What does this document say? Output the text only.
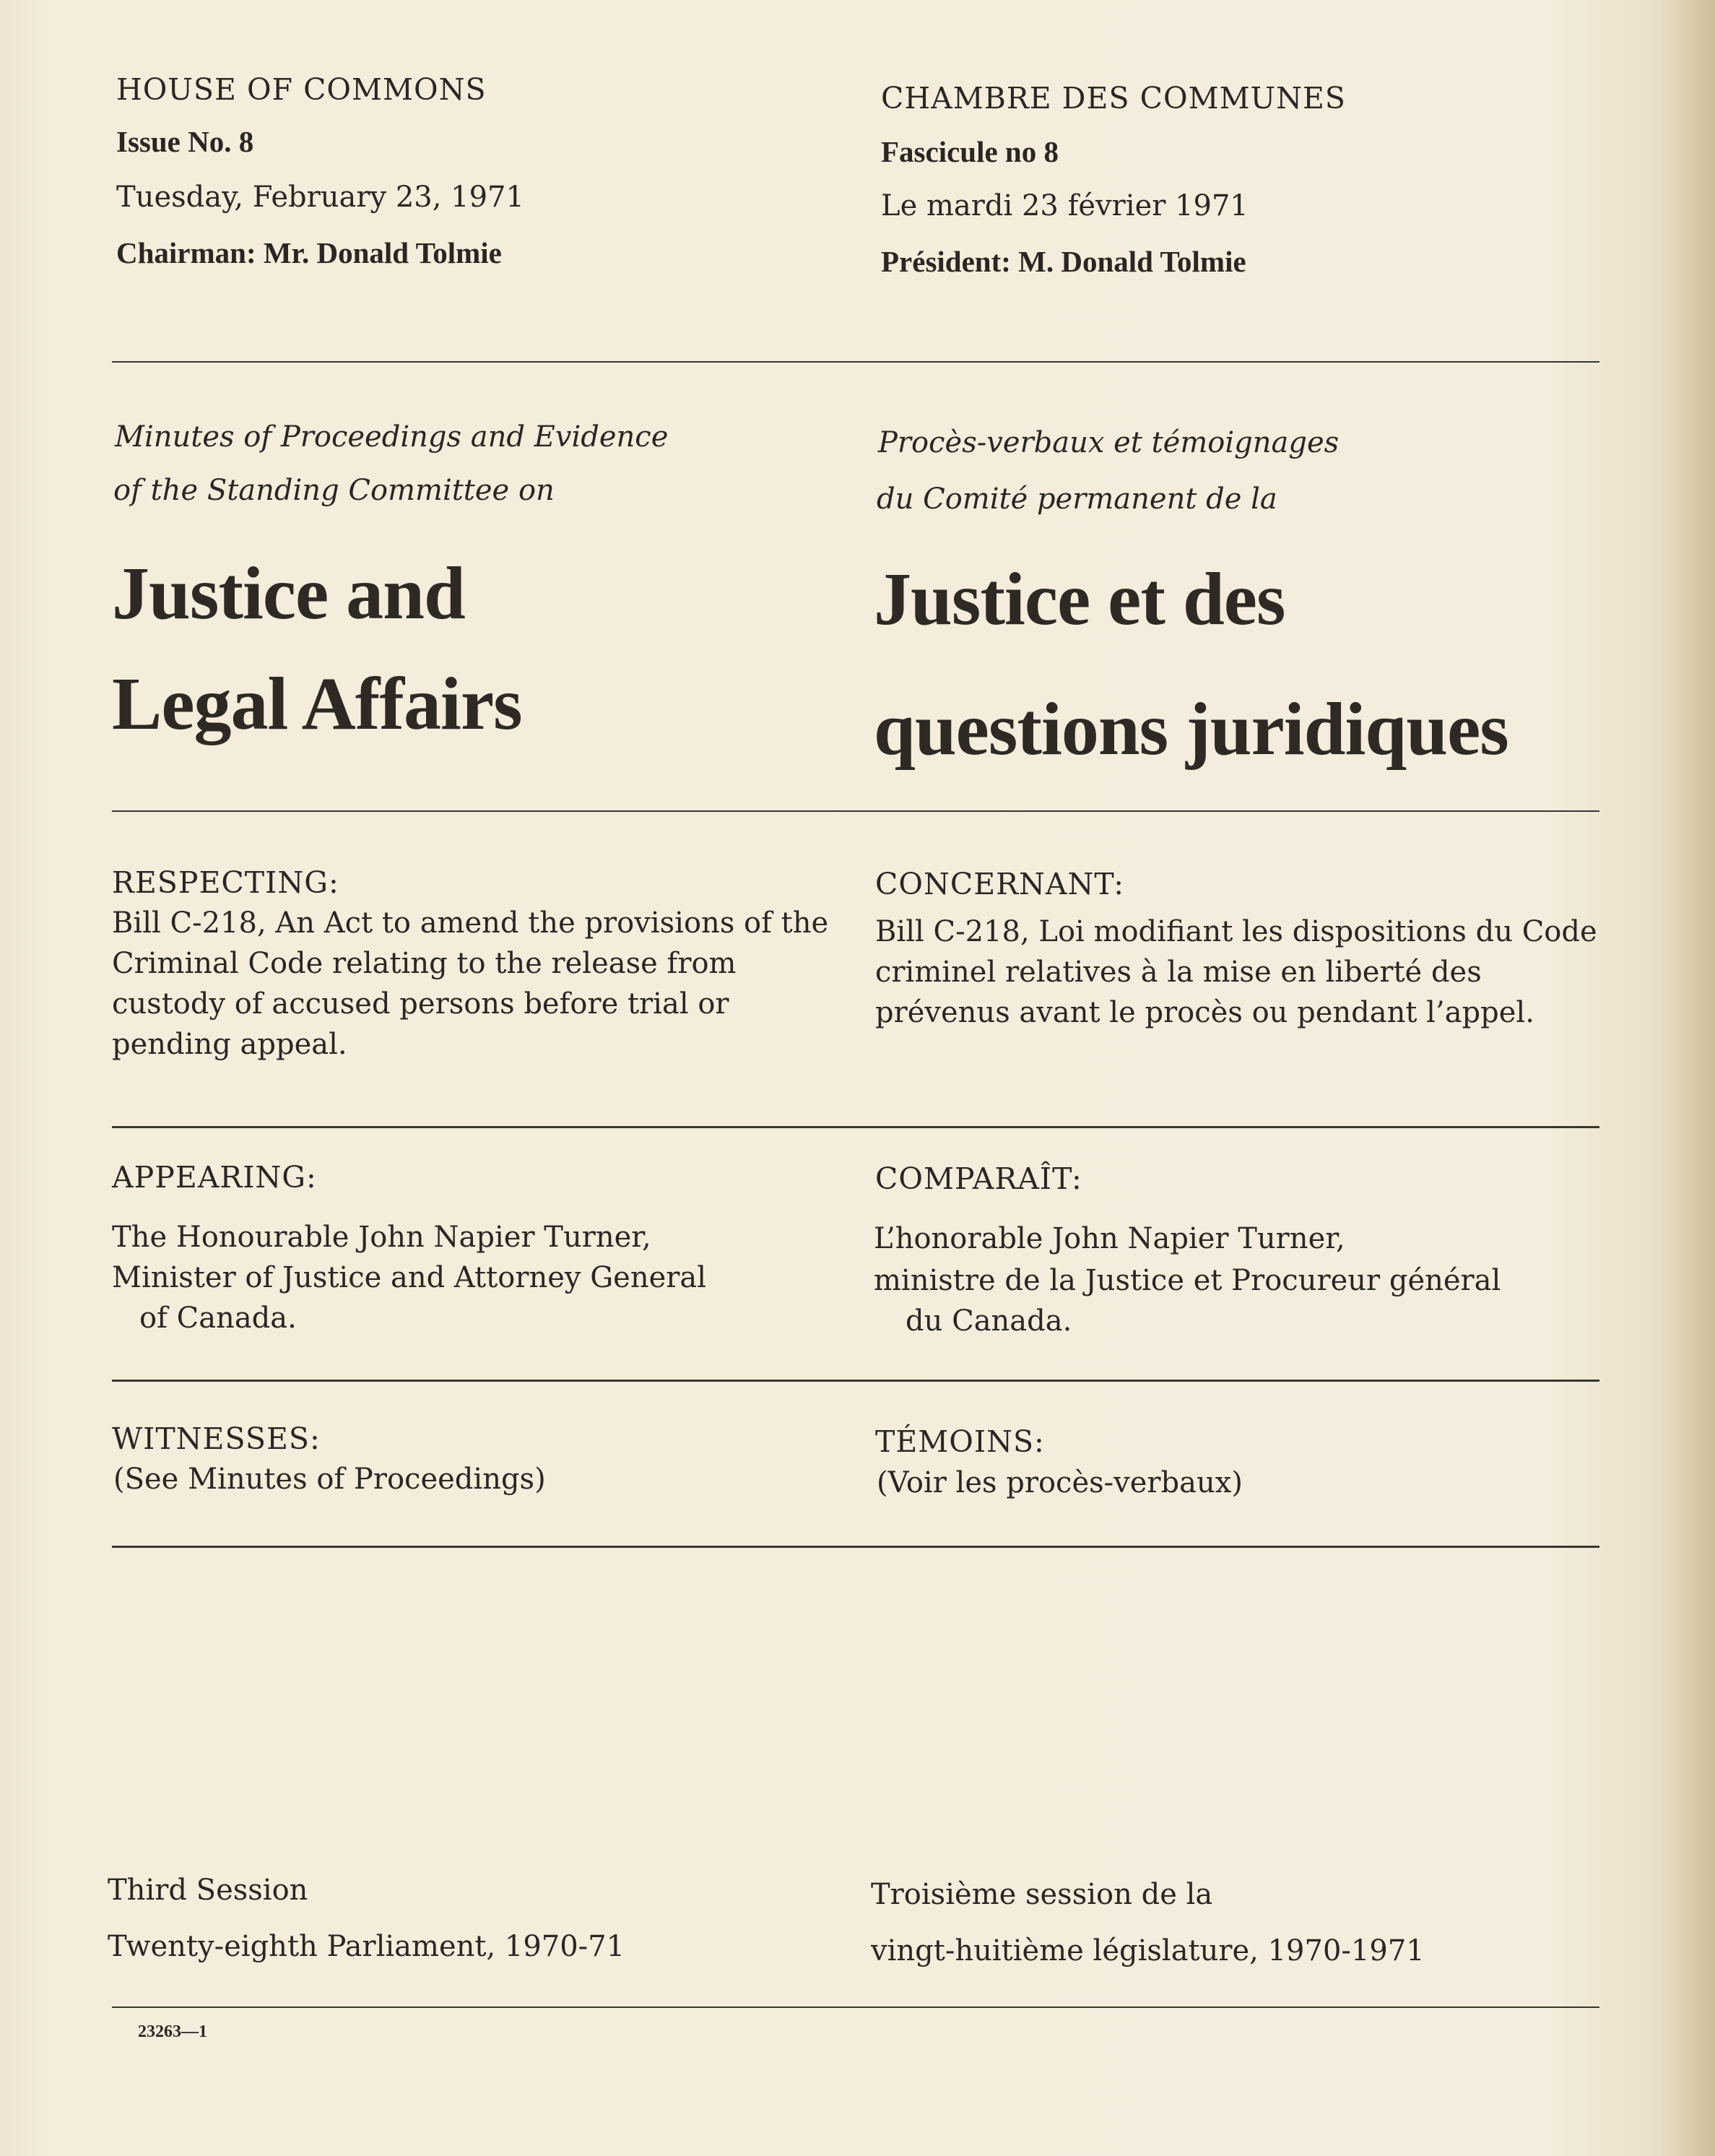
HOUSE OF COMMONS
Issue No. 8
Tuesday, February 23, 1971
Chairman: Mr. Donald Tolmie
Minutes of Proceedings and Evidence
of the Standing Committee on
Justice and
Legal Affairs
RESPECTING:
Bill C-218, An Act to amend the provisions of the Criminal Code relating to the release from custody of accused persons before trial or pending appeal.
APPEARING:
The Honourable John Napier Turner,
Minister of Justice and Attorney General
of Canada.
WITNESSES:
(See Minutes of Proceedings)
Third Session
Twenty-eighth Parliament, 1970-71
23263—1
CHAMBRE DES COMMUNES
Fascicule no 8
Le mardi 23 février 1971
Président: M. Donald Tolmie
Procès-verbaux et témoignages
du Comité permanent de la
Justice et des
questions juridiques
CONCERNANT:
Bill C-218, Loi modifiant les dispositions du Code criminel relatives à la mise en liberté des prévenus avant le procès ou pendant l’appel.
COMPARAÎT:
L’honorable John Napier Turner,
ministre de la Justice et Procureur général
du Canada.
TÉMOINS:
(Voir les procès-verbaux)
Troisième session de la
vingt-huitième législature, 1970-1971
